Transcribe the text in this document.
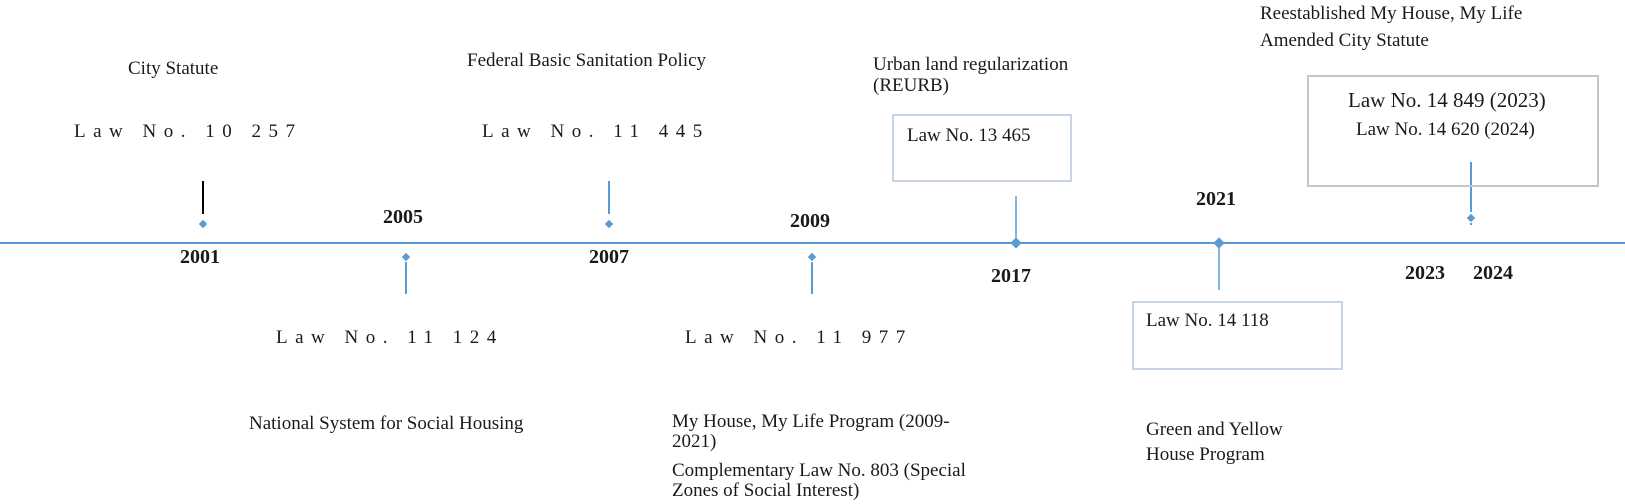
City Statute
Law No. 10 257
2001
2005
Law No. 11 124
National System for Social Housing
Federal Basic Sanitation Policy
Law No. 11 445
2007
2009
Law No. 11 977
My House, My Life Program (2009-
2021)
Complementary Law No. 803 (Special
Zones of Social Interest)
Urban land regularization
(REURB)
Law No. 13 465
2017
2021
Law No. 14 118
Green and Yellow
House Program
Reestablished My House, My Life
Amended City Statute
Law No. 14 849 (2023)
Law No. 14 620 (2024)
2023 2024
